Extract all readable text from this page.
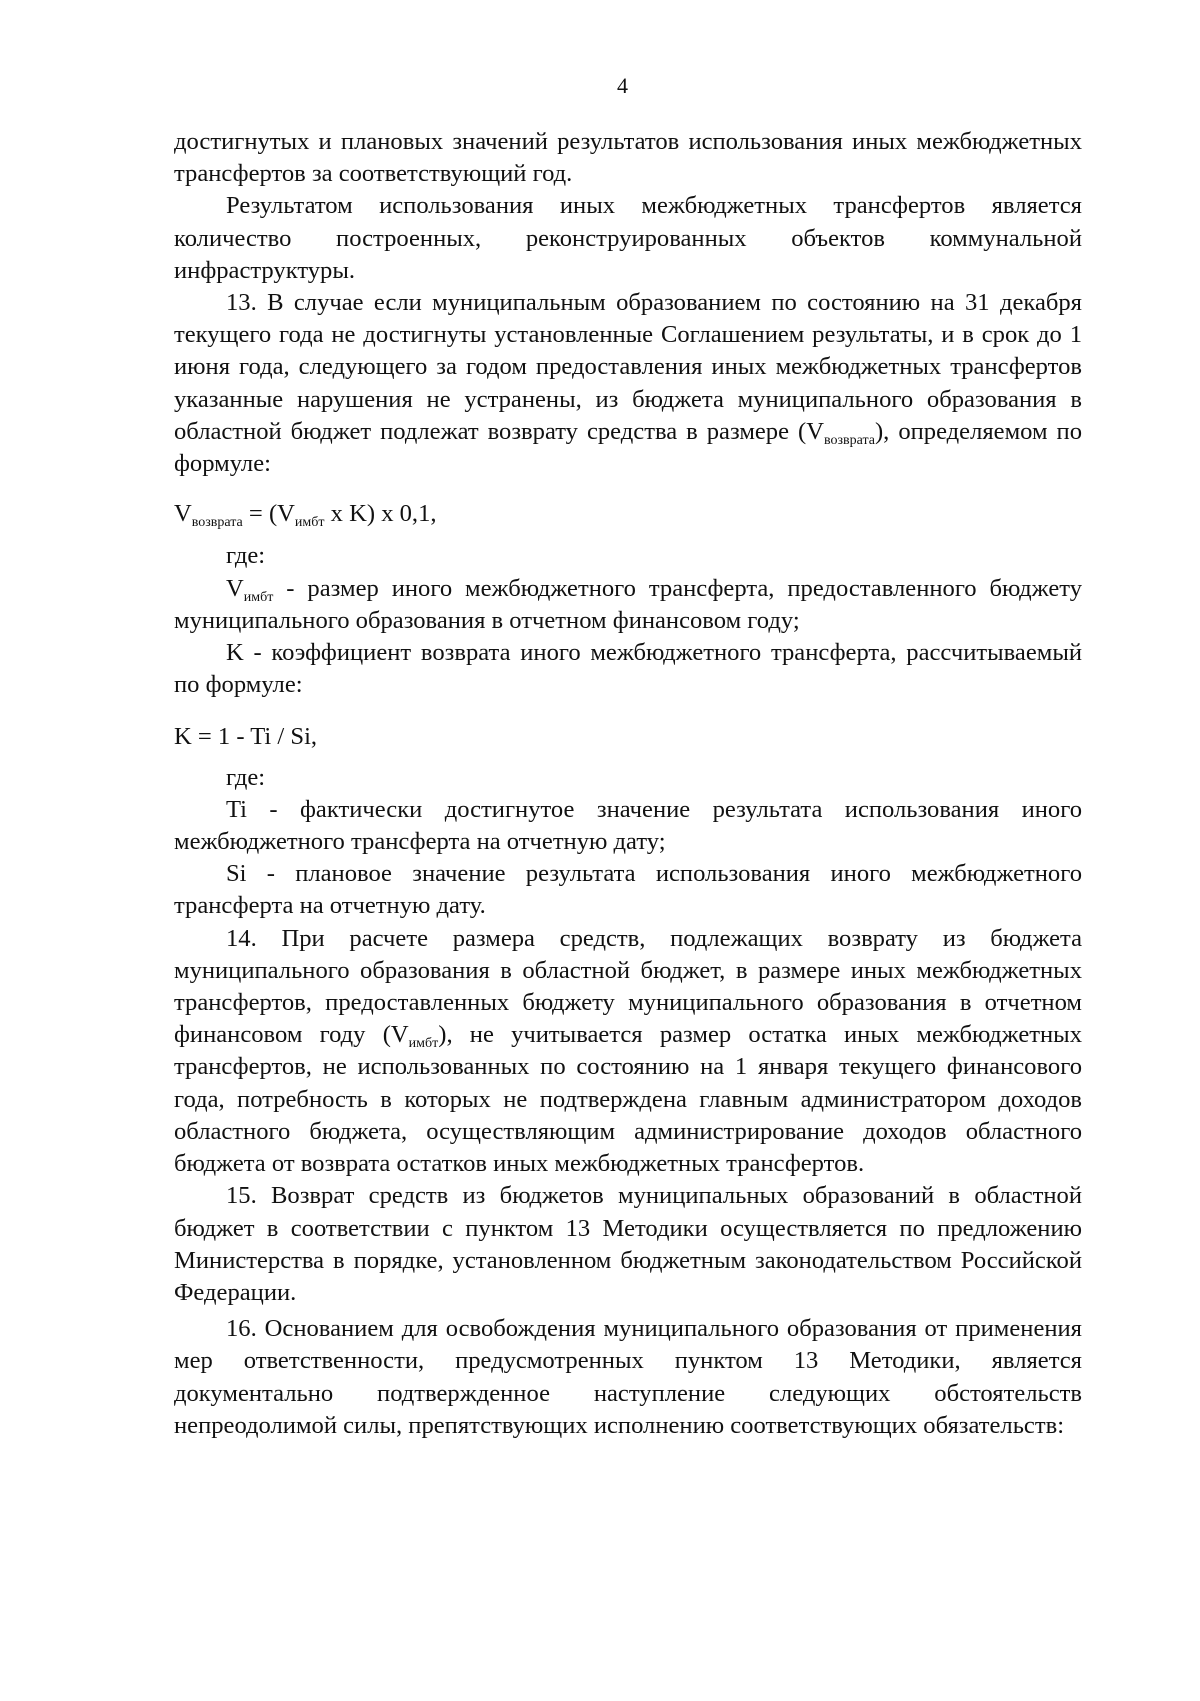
4

достигнутых и плановых значений результатов использования иных межбюджетных трансфертов за соответствующий год.

Результатом использования иных межбюджетных трансфертов является количество построенных, реконструированных объектов коммунальной инфраструктуры.

13. В случае если муниципальным образованием по состоянию на 31 декабря текущего года не достигнуты установленные Соглашением результаты, и в срок до 1 июня года, следующего за годом предоставления иных межбюджетных трансфертов указанные нарушения не устранены, из бюджета муниципального образования в областной бюджет подлежат возврату средства в размере $(V_{возврата})$, определяемом по формуле:

$V_{возврата} = (V_{имбт}$ x K) x 0,1,

где:

$V_{имбт}$ - размер иного межбюджетного трансферта, предоставленного бюджету муниципального образования в отчетном финансовом году;

K - коэффициент возврата иного межбюджетного трансферта, рассчитываемый по формуле:

K = 1 - Ti / Si,

где:

Ti - фактически достигнутое значение результата использования иного межбюджетного трансферта на отчетную дату;

Si - плановое значение результата использования иного межбюджетного трансферта на отчетную дату.

14. При расчете размера средств, подлежащих возврату из бюджета муниципального образования в областной бюджет, в размере иных межбюджетных трансфертов, предоставленных бюджету муниципального образования в отчетном финансовом году $(V_{имбт})$, не учитывается размер остатка иных межбюджетных трансфертов, не использованных по состоянию на 1 января текущего финансового года, потребность в которых не подтверждена главным администратором доходов областного бюджета, осуществляющим администрирование доходов областного бюджета от возврата остатков иных межбюджетных трансфертов.

15. Возврат средств из бюджетов муниципальных образований в областной бюджет в соответствии с пунктом 13 Методики осуществляется по предложению Министерства в порядке, установленном бюджетным законодательством Российской Федерации.

16. Основанием для освобождения муниципального образования от применения мер ответственности, предусмотренных пунктом 13 Методики, является документально подтвержденное наступление следующих обстоятельств непреодолимой силы, препятствующих исполнению соответствующих обязательств:
